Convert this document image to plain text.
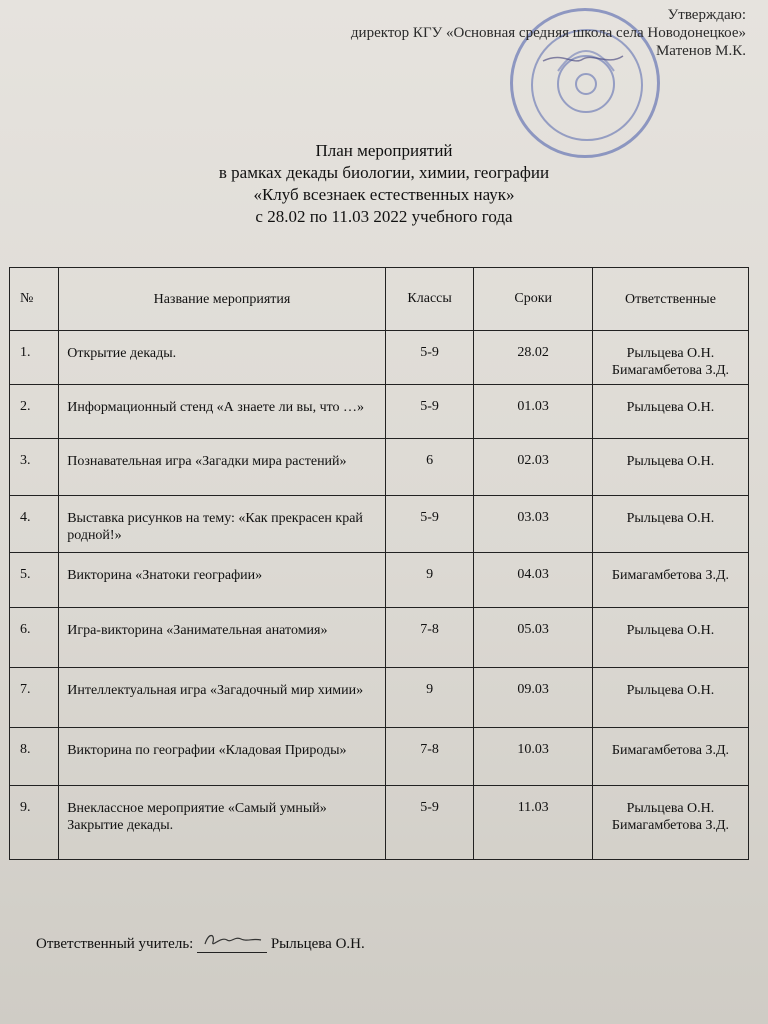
Утверждаю:
директор КГУ «Основная средняя школа села Новодонецкое»
Матенов М.К.
План мероприятий
в рамках декады биологии, химии, географии
«Клуб всезнаек естественных наук»
с 28.02 по 11.03 2022 учебного года
№	Название мероприятия	Классы	Сроки	Ответственные
1.	Открытие декады.	5-9	28.02	Рыльцева О.Н. Бимагамбетова З.Д.
2.	Информационный стенд «А знаете ли вы, что …»	5-9	01.03	Рыльцева О.Н.
3.	Познавательная игра «Загадки мира растений»	6	02.03	Рыльцева О.Н.
4.	Выставка рисунков на тему: «Как прекрасен край родной!»	5-9	03.03	Рыльцева О.Н.
5.	Викторина «Знатоки географии»	9	04.03	Бимагамбетова З.Д.
6.	Игра-викторина «Занимательная анатомия»	7-8	05.03	Рыльцева О.Н.
7.	Интеллектуальная игра «Загадочный мир химии»	9	09.03	Рыльцева О.Н.
8.	Викторина по географии «Кладовая Природы»	7-8	10.03	Бимагамбетова З.Д.
9.	Внеклассное мероприятие «Самый умный» Закрытие декады.	5-9	11.03	Рыльцева О.Н. Бимагамбетова З.Д.
Ответственный учитель:	Рыльцева О.Н.
